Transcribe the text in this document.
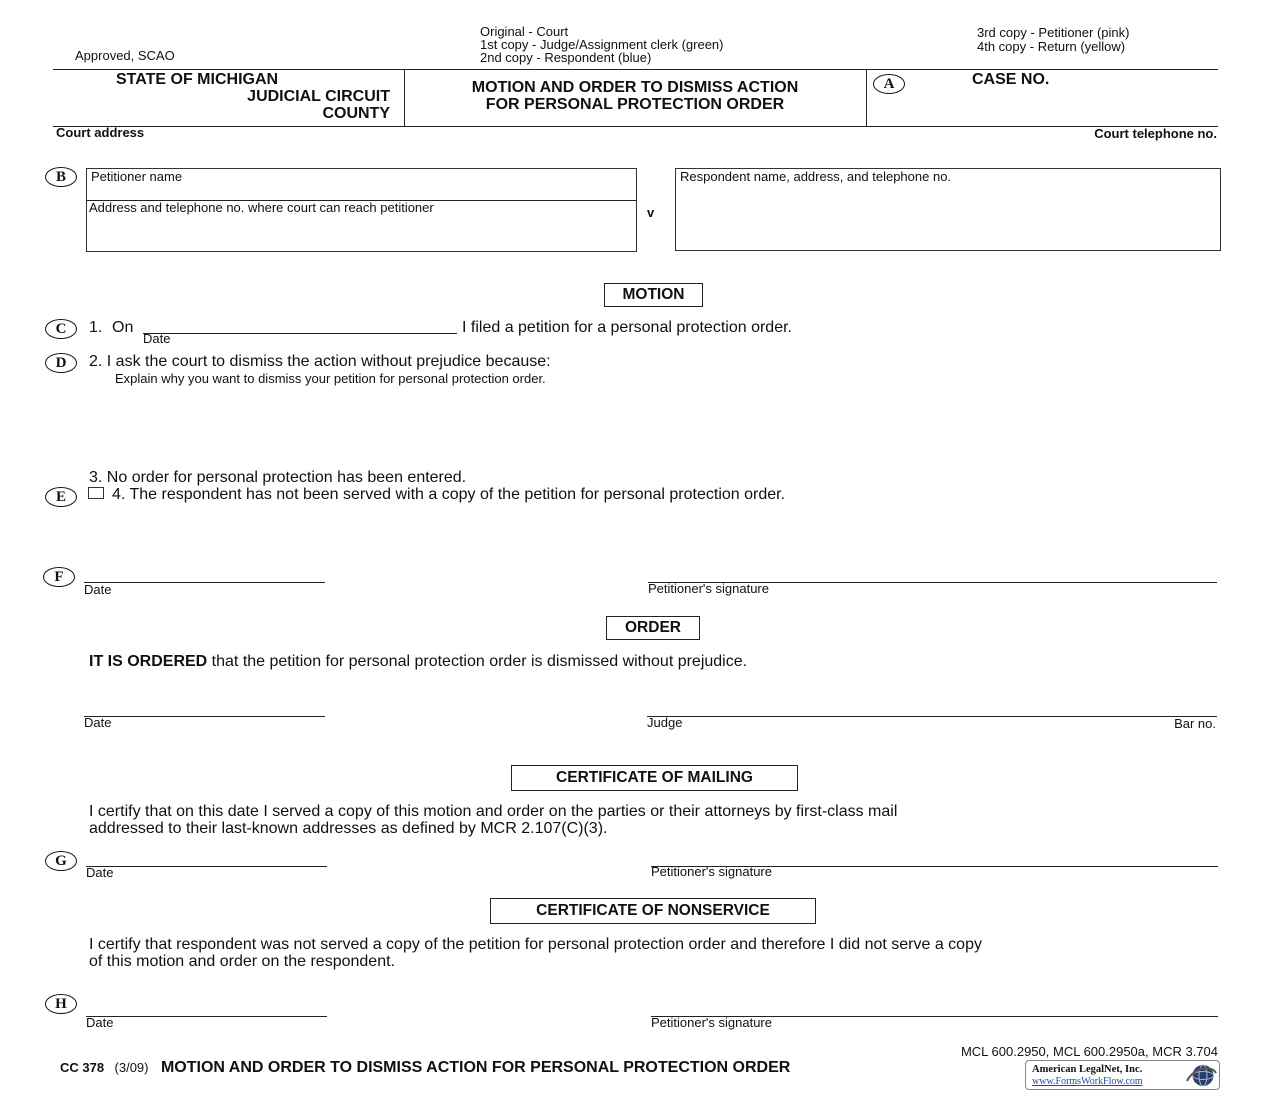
Approved, SCAO
Original - Court
1st copy - Judge/Assignment clerk (green)
2nd copy - Respondent (blue)
3rd copy - Petitioner (pink)
4th copy - Return (yellow)
STATE OF MICHIGAN
JUDICIAL CIRCUIT
COUNTY
MOTION AND ORDER TO DISMISS ACTION
FOR PERSONAL PROTECTION ORDER
A	CASE NO.
Court address	Court telephone no.
B	Petitioner name
Address and telephone no. where court can reach petitioner	v
Respondent name, address, and telephone no.
MOTION
C	1. On
Date
I filed a petition for a personal protection order.
D	2. I ask the court to dismiss the action without prejudice because:
Explain why you want to dismiss your petition for personal protection order.
3. No order for personal protection has been entered.
E	4. The respondent has not been served with a copy of the petition for personal protection order.
F
Date	Petitioner's signature
ORDER
IT IS ORDERED that the petition for personal protection order is dismissed without prejudice.
Date	Judge	Bar no.
CERTIFICATE OF MAILING
I certify that on this date I served a copy of this motion and order on the parties or their attorneys by first-class mail
addressed to their last-known addresses as defined by MCR 2.107(C)(3).
G
Date	Petitioner's signature
CERTIFICATE OF NONSERVICE
I certify that respondent was not served a copy of the petition for personal protection order and therefore I did not serve a copy
of this motion and order on the respondent.
H
Date	Petitioner's signature
MCL 600.2950, MCL 600.2950a, MCR 3.704
CC 378 (3/09) MOTION AND ORDER TO DISMISS ACTION FOR PERSONAL PROTECTION ORDER	American LegalNet, Inc.
www.FormsWorkFlow.com
